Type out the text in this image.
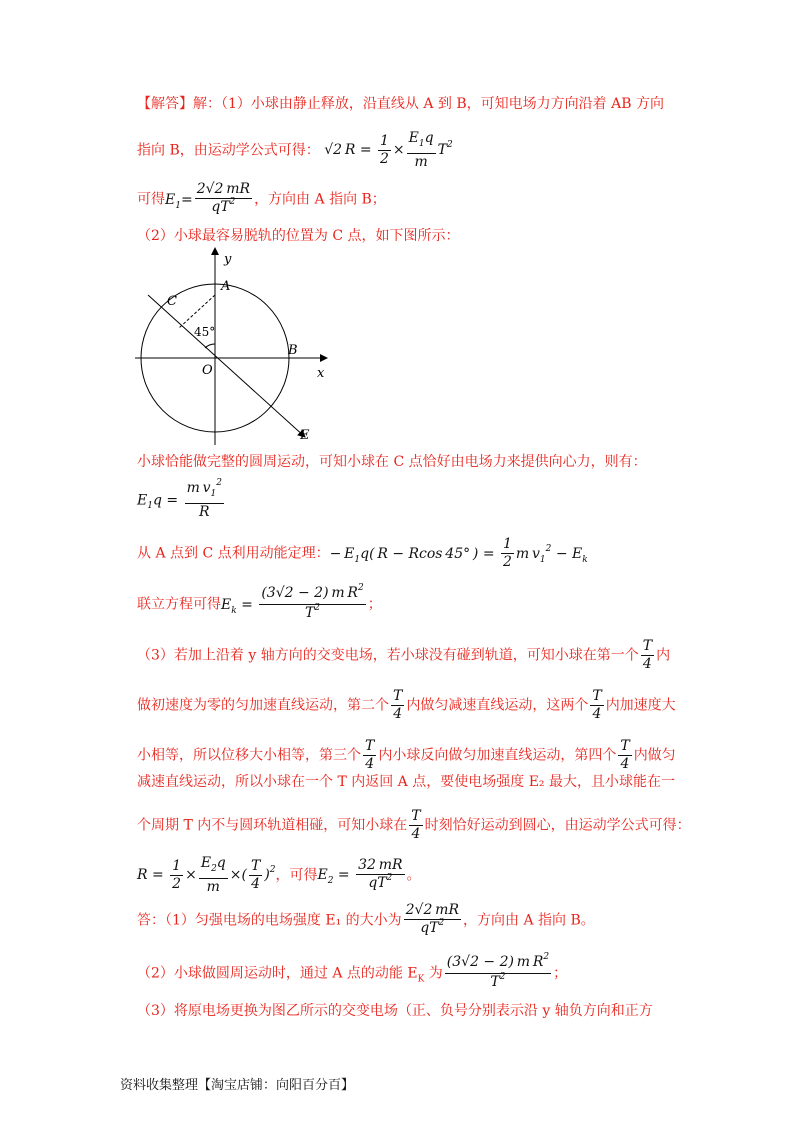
【解答】解：（1）小球由静止释放，沿直线从 A 到 B，可知电场力方向沿着 AB 方向
指向 B，由运动学公式可得： √2 $R = \frac{1}{2} \times \frac{E_1q}{m} T^2$
可得$E_1= \frac{2√2 mR}{qT^2}$ ，方向由 A 指向 B；
（2）小球最容易脱轨的位置为 C 点，如下图所示：
y
x
A
B
C
O
E
45°
小球恰能做完整的圆周运动，可知小球在 C 点恰好由电场力来提供向心力，则有：
$E_1q = \frac{m v_1^2}{R}$
从 A 点到 C 点利用动能定理：− $E_1q$( R − Rcos 45° ) = $\frac{1}{2}$ m $v_1^2 - E_k$
联立方程可得$E_k = \frac{(3√2 - 2) m R^2}{T^2}$ ；
（3）若加上沿着 y 轴方向的交变电场，若小球没有碰到轨道，可知小球在第一个 $\frac{T}{4}$ 内
做初速度为零的匀加速直线运动，第二个 $\frac{T}{4}$ 内做匀减速直线运动，这两个 $\frac{T}{4}$ 内加速度大
小相等，所以位移大小相等，第三个 $\frac{T}{4}$ 内小球反向做匀加速直线运动，第四个 $\frac{T}{4}$ 内做匀
减速直线运动，所以小球在一个 T 内返回 A 点，要使电场强度 E₂ 最大，且小球能在一
个周期 T 内不与圆环轨道相碰，可知小球在 $\frac{T}{4}$ 时刻恰好运动到圆心，由运动学公式可得：
$R = \frac{1}{2} \times \frac{E_2q}{m}$ ×( $\frac{T}{4} )^2$，可得$E_2 = \frac{32 mR}{qT^2}$ 。
答：（1）匀强电场的电场强度 E₁ 的大小为 $\frac{2√2 mR}{qT^2}$ ，方向由 A 指向 B。
（2）小球做圆周运动时，通过 A 点的动能 $E_K$ 为 $\frac{(3√2 - 2) m R^2}{T^2}$ ；
（3）将原电场更换为图乙所示的交变电场（正、负号分别表示沿 y 轴负方向和正方
资料收集整理【淘宝店铺：向阳百分百】
